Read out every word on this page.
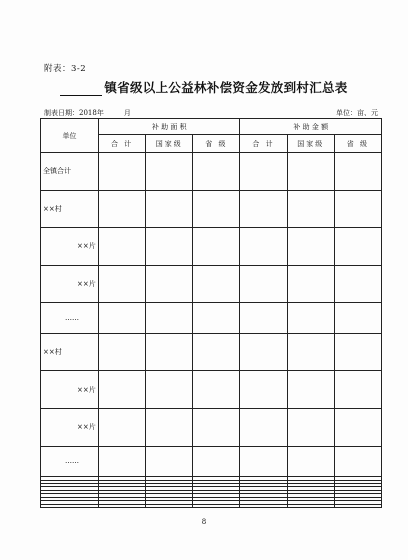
附表：3-2
镇省级以上公益林补偿资金发放到村汇总表
制表日期：2018年	月	单位：亩、元
单位	补 助 面 积			补 助 金 额		
	合 计	国家级	省 级	合 计	国家级	省 级
全镇合计						
××村						
××片						
××片						
……						
××村						
××片						
××片						
……						

8
